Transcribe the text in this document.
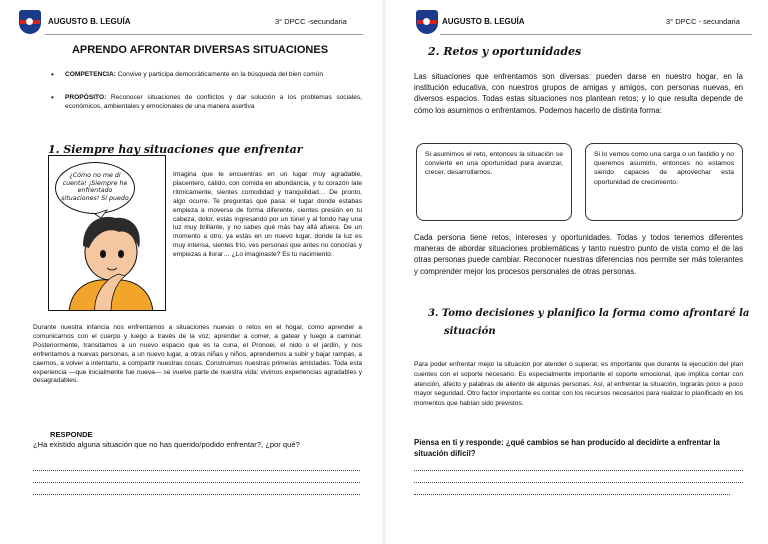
AUGUSTO B. LEGUÍA	3° DPCC -secundaria
APRENDO AFRONTAR DIVERSAS SITUACIONES
• COMPETENCIA: Convive y participa democráticamente en la búsqueda del bien común
• PROPÓSITO: Reconocer situaciones de conflictos y dar solución a los problemas sociales, económicos, ambientales y emocionales de una manera asertiva
1. Siempre hay situaciones que enfrentar
¿Cómo no me di cuenta! ¡Siempre he enfrentado situaciones! Sí puedo
Imagina que te encuentras en un lugar muy agradable, placentero, cálido, con comida en abundancia, y tu corazón late rítmicamente, sientes comodidad y tranquilidad… De pronto, algo ocurre. Te preguntas qué pasa: el lugar donde estabas empieza a moverse de forma diferente, sientes presión en tu cabeza, dolor, estás ingresando por un túnel y al fondo hay una luz muy brillante, y no sabes qué más hay allá afuera. De un momento a otro, ya estás en un nuevo lugar, donde la luz es muy intensa, sientes frío, ves personas que antes no conocías y empiezas a llorar… ¿Lo imaginaste? Es tu nacimiento.
Durante nuestra infancia nos enfrentamos a situaciones nuevas o retos en el hogar, como aprender a comunicarnos con el cuerpo y luego a través de la voz; aprender a comer, a gatear y luego a caminar. Posteriormente, transitamos a un nuevo espacio que es la cuna, el Pronoei, el nido o el jardín, y nos enfrentamos a nuevas personas, a un nuevo lugar, a otras niñas y niños, aprendemos a subir y bajar rampas, a caernos, a volver a intentarlo, a compartir nuestras cosas. Construimos nuestras primeras amistades. Toda esta experiencia —que inicialmente fue nueva— se vuelve parte de nuestra vida: vivimos experiencias agradables y desagradables.
RESPONDE
¿Ha existido alguna situación que no has querido/podido enfrentar?, ¿por qué?
AUGUSTO B. LEGUÍA	3° DPCC - secundaria
2. Retos y oportunidades
Las situaciones que enfrentamos son diversas: pueden darse en nuestro hogar, en la institución educativa, con nuestros grupos de amigas y amigos, con personas nuevas, en diversos espacios. Todas estas situaciones nos plantean retos; y lo que resulta depende de cómo los asumimos o enfrentamos. Podemos hacerlo de distinta forma:
Si asumimos el reto, entonces la situación se convierte en una oportunidad para avanzar, crecer, desarrollarnos.
Si lo vemos como una carga o un fastidio y no queremos asumirlo, entonces no estamos siendo capaces de aprovechar esta oportunidad de crecimiento.
Cada persona tiene retos, intereses y oportunidades. Todas y todos tenemos diferentes maneras de abordar situaciones problemáticas y tanto nuestro punto de vista como el de las otras personas puede cambiar. Reconocer nuestras diferencias nos permite ser más tolerantes y comprender mejor los procesos personales de otras personas.
3. Tomo decisiones y planifico la forma como afrontaré la
situación
Para poder enfrentar mejor la situación por atender o superar, es importante que durante la ejecución del plan cuentes con el soporte necesario. Es especialmente importante el soporte emocional, que implica contar con atención, afecto y palabras de aliento de algunas personas. Así, al enfrentar la situación, lograrás poco a poco mayor seguridad. Otro factor importante es contar con los recursos necesarios para realizar lo planificado en los momentos que habían sido previstos.
Piensa en ti y responde: ¿qué cambios se han producido al decidirte a enfrentar la situación difícil?
